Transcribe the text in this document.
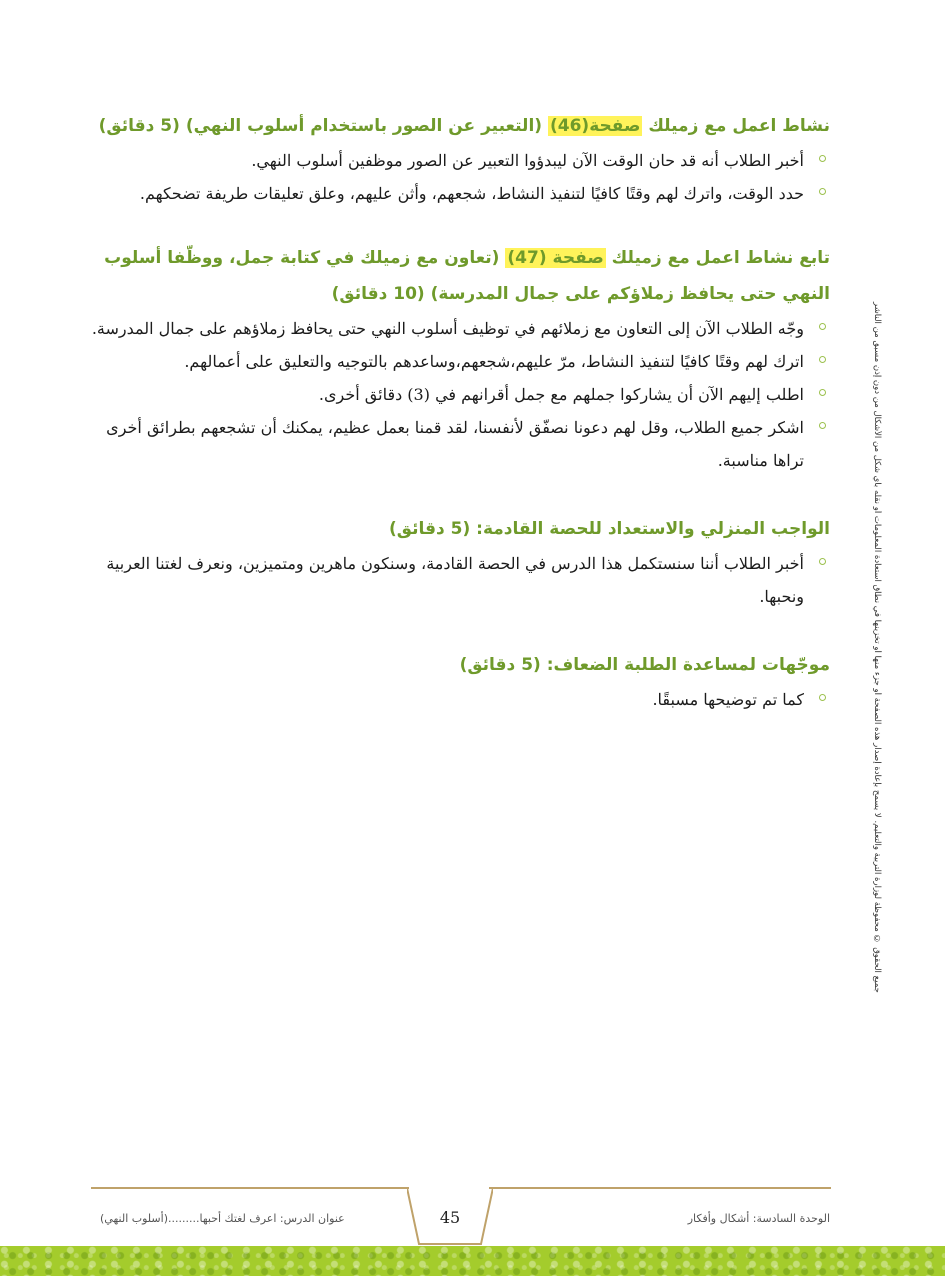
نشاط اعمل مع زميلك صفحة(46) (التعبير عن الصور باستخدام أسلوب النهي) (5 دقائق)
أخبر الطلاب أنه قد حان الوقت الآن ليبدؤوا التعبير عن الصور موظفين أسلوب النهي.
حدد الوقت، واترك لهم وقتًا كافيًا لتنفيذ النشاط، شجعهم، وأثن عليهم، وعلق تعليقات طريفة تضحكهم.
تابع نشاط اعمل مع زميلك صفحة (47) (تعاون مع زميلك في كتابة جمل، ووظّفا أسلوب النهي حتى يحافظ زملاؤكم على جمال المدرسة) (10 دقائق)
وجّه الطلاب الآن إلى التعاون مع زملائهم في توظيف أسلوب النهي حتى يحافظ زملاؤهم على جمال المدرسة.
اترك لهم وقتًا كافيًا لتنفيذ النشاط، مرّ عليهم،شجعهم،وساعدهم بالتوجيه والتعليق على أعمالهم.
اطلب إليهم الآن أن يشاركوا جملهم مع جمل أقرانهم في (3) دقائق أخرى.
اشكر جميع الطلاب، وقل لهم دعونا نصفّق لأنفسنا، لقد قمنا بعمل عظيم، يمكنك أن تشجعهم بطرائق أخرى تراها مناسبة.
الواجب المنزلي والاستعداد للحصة القادمة: (5 دقائق)
أخبر الطلاب أننا سنستكمل هذا الدرس في الحصة القادمة، وسنكون ماهرين ومتميزين، ونعرف لغتنا العربية ونحبها.
موجّهات لمساعدة الطلبة الضعاف: (5 دقائق)
كما تم توضيحها مسبقًا.	جميع الحقوق © محفوظة لوزارة التربية والتعليم. لا يسمح بإعادة إصدار هذه الصفحة أو جزء منها أو تخزينها في نطاق استعادة المعلومات أو نقله بأي شكل من الأشكال من دون إذن مسبق من الناشر
45	الوحدة السادسة: أشكال وأفكار
عنوان الدرس: اعرف لغتك أحبها.........(أسلوب النهي)
